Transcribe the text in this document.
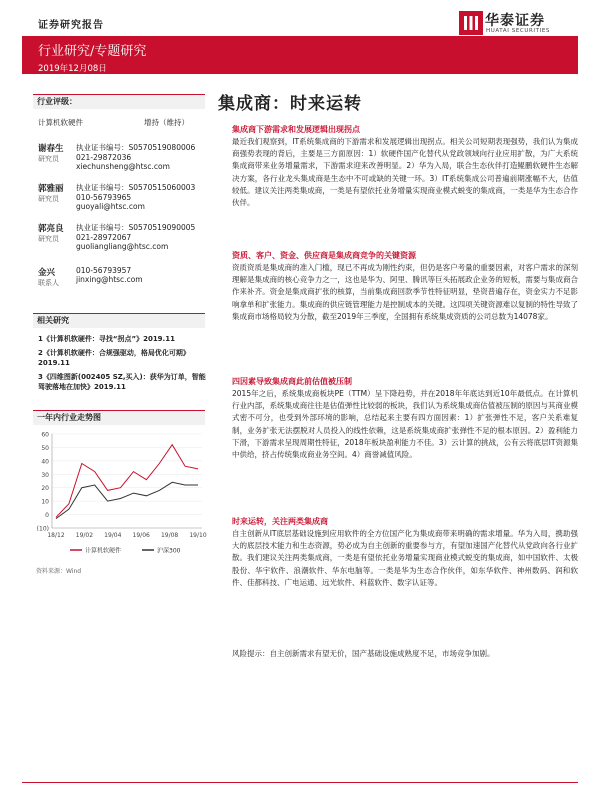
证券研究报告	华泰证券
HUATAI SECURITIES
行业研究/专题研究
2019年12月08日
行业评级：
计算机软硬件	增持（维持）
谢春生
研究员
执业证书编号：S0570519080006
021-29872036
xiechunsheng@htsc.com
郭雅丽
研究员
执业证书编号：S0570515060003
010-56793965
guoyali@htsc.com
郭亮良
研究员
执业证书编号：S0570519090005
021-28972067
guoliangliang@htsc.com
金兴
联系人
010-56793957
jinxing@htsc.com
相关研究
1《计算机软硬件：寻找“拐点”》2019.11
2《计算机软硬件：合规强驱动，格局优化可期》2019.11
3《四维图新(002405 SZ,买入)：获华为订单，智能驾驶落地在加快》2019.11
一年内行业走势图
(10)
0
10
20
30
40
50
60
18/12 19/02 19/04 19/06 19/08 19/10
计算机软硬件	沪深300
资料来源：Wind
集成商：时来运转
集成商下游需求和发展逻辑出现拐点
最近我们观察到，IT系统集成商的下游需求和发展逻辑出现拐点。相关公司短期表现强势，我们认为集成商强势表现的背后，主要是三方面原因：1）软硬件国产化替代从党政领域向行业应用扩散，为广大系统集成商带来业务增量需求，下游需求迎来改善明显。2）华为入局，联合生态伙伴打造鲲鹏软硬件生态解决方案，各行业龙头集成商是生态中不可或缺的关键一环。3）IT系统集成公司普遍前期涨幅不大，估值较低。建议关注两类集成商，一类是有望依托业务增量实现商业模式蜕变的集成商，一类是华为生态合作伙伴。
资质、客户、资金、供应商是集成商竞争的关键资源
资质资质是集成商的准入门槛，现已不再成为刚性约束，但仍是客户考量的重要因素，对客户需求的深刻理解是集成商的核心竞争力之一，这也是华为、阿里、腾讯等巨头拓展政企业务的短板，需要与集成商合作来补齐。资金是集成商扩张的核算，当前集成商回款季节性特征明显，垫资普遍存在，资金实力不足影响拿单和扩张能力。集成商的供应链管理能力是控制成本的关键。这四项关键资源难以复制的特性导致了集成商市场格局较为分散，截至2019年三季度，全国拥有系统集成资质的公司总数为14078家。
四因素导致集成商此前估值被压制
2015年之后，系统集成商板块PE（TTM）呈下降趋势，并在2018年年底达到近10年最低点。在计算机行业内部，系统集成商往往是估值弹性比较弱的板块，我们认为系统集成商估值被压制的原因与其商业模式密不可分，也受到外部环境的影响，总结起来主要有四方面因素：1）扩张弹性不足，客户关系难复制，业务扩张无法摆脱对人员投入的线性依赖，这是系统集成商扩张弹性不足的根本原因。2）盈利能力下滑，下游需求呈现周期性特征，2018年板块盈利能力不佳。3）云计算的挑战，公有云将底层IT资源集中供给，挤占传统集成商业务空间。4）商誉减值风险。
时来运转，关注两类集成商
自主创新从IT底层基础设施到应用软件的全方位国产化为集成商带来明确的需求增量。华为入局，携助强大的底层技术能力和生态资源，势必成为自主创新的重要参与方，有望加速国产化替代从党政向各行业扩散。我们建议关注两类集成商，一类是有望依托业务增量实现商业模式蜕变的集成商，如中国软件、太极股份、华宇软件、浪潮软件、华东电脑等。一类是华为生态合作伙伴，如东华软件、神州数码、润和软件、佳都科技、广电运通、远光软件、科蓝软件、数字认证等。
风险提示：自主创新需求有望无价，国产基础设施成熟度不足，市场竞争加剧。
